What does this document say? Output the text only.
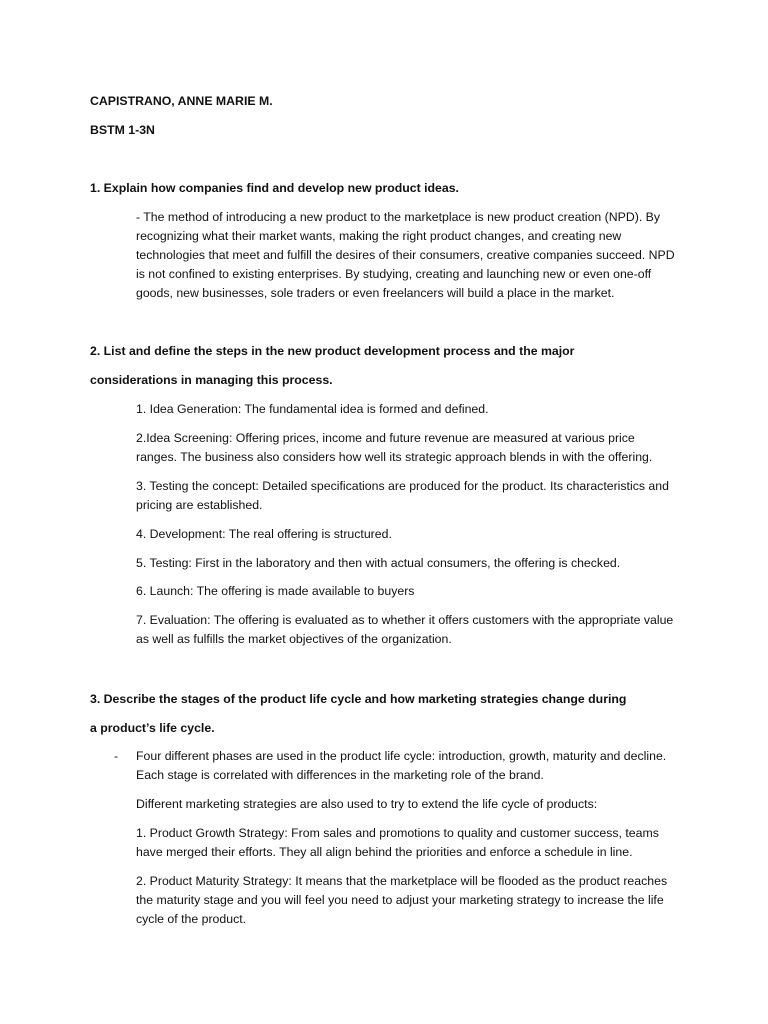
CAPISTRANO, ANNE MARIE M.

BSTM 1-3N

1. Explain how companies find and develop new product ideas.

- The method of introducing a new product to the marketplace is new product creation (NPD). By recognizing what their market wants, making the right product changes, and creating new technologies that meet and fulfill the desires of their consumers, creative companies succeed. NPD is not confined to existing enterprises. By studying, creating and launching new or even one-off goods, new businesses, sole traders or even freelancers will build a place in the market.

2. List and define the steps in the new product development process and the major

considerations in managing this process.

1. Idea Generation: The fundamental idea is formed and defined.

2.Idea Screening: Offering prices, income and future revenue are measured at various price ranges. The business also considers how well its strategic approach blends in with the offering.

3. Testing the concept: Detailed specifications are produced for the product. Its characteristics and pricing are established.

4. Development: The real offering is structured.

5. Testing: First in the laboratory and then with actual consumers, the offering is checked.

6. Launch: The offering is made available to buyers

7. Evaluation: The offering is evaluated as to whether it offers customers with the appropriate value as well as fulfills the market objectives of the organization.

3. Describe the stages of the product life cycle and how marketing strategies change during

a product’s life cycle.

- Four different phases are used in the product life cycle: introduction, growth, maturity and decline. Each stage is correlated with differences in the marketing role of the brand.

Different marketing strategies are also used to try to extend the life cycle of products:

1. Product Growth Strategy: From sales and promotions to quality and customer success, teams have merged their efforts. They all align behind the priorities and enforce a schedule in line.

2. Product Maturity Strategy: It means that the marketplace will be flooded as the product reaches the maturity stage and you will feel you need to adjust your marketing strategy to increase the life cycle of the product.
